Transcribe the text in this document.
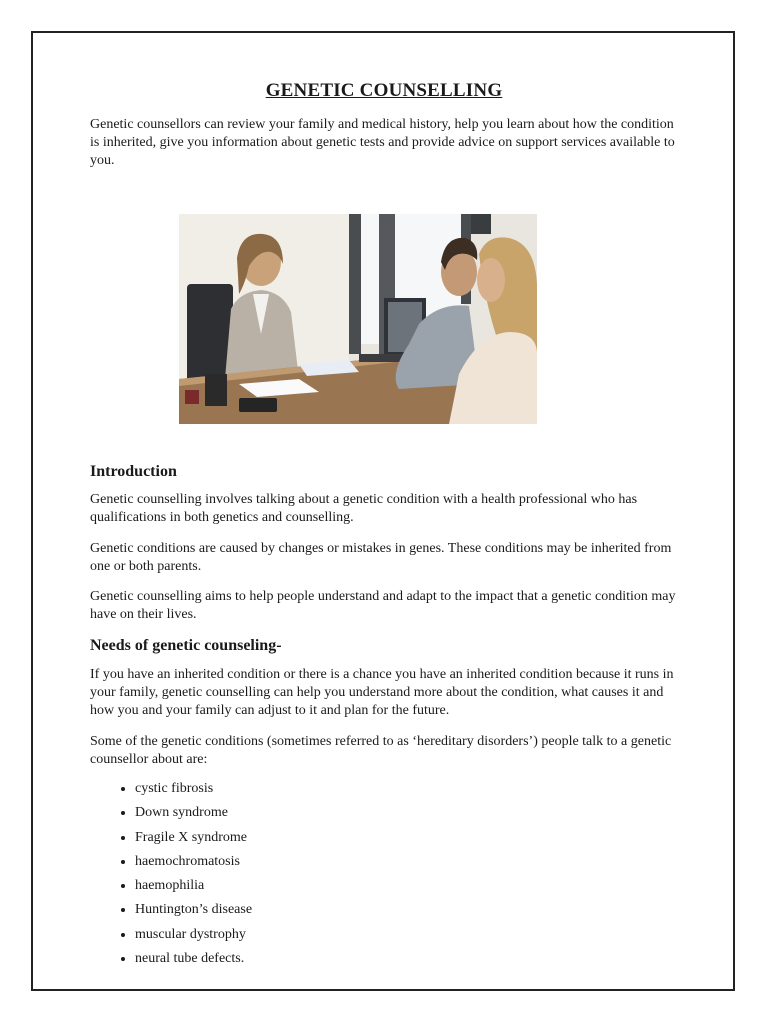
GENETIC COUNSELLING

Genetic counsellors can review your family and medical history, help you learn about how the condition is inherited, give you information about genetic tests and provide advice on support services available to you.

Introduction

Genetic counselling involves talking about a genetic condition with a health professional who has qualifications in both genetics and counselling.

Genetic conditions are caused by changes or mistakes in genes. These conditions may be inherited from one or both parents.

Genetic counselling aims to help people understand and adapt to the impact that a genetic condition may have on their lives.

Needs of genetic counseling-

If you have an inherited condition or there is a chance you have an inherited condition because it runs in your family, genetic counselling can help you understand more about the condition, what causes it and how you and your family can adjust to it and plan for the future.

Some of the genetic conditions (sometimes referred to as ‘hereditary disorders’) people talk to a genetic counsellor about are:

• cystic fibrosis
• Down syndrome
• Fragile X syndrome
• haemochromatosis
• haemophilia
• Huntington’s disease
• muscular dystrophy
• neural tube defects.
